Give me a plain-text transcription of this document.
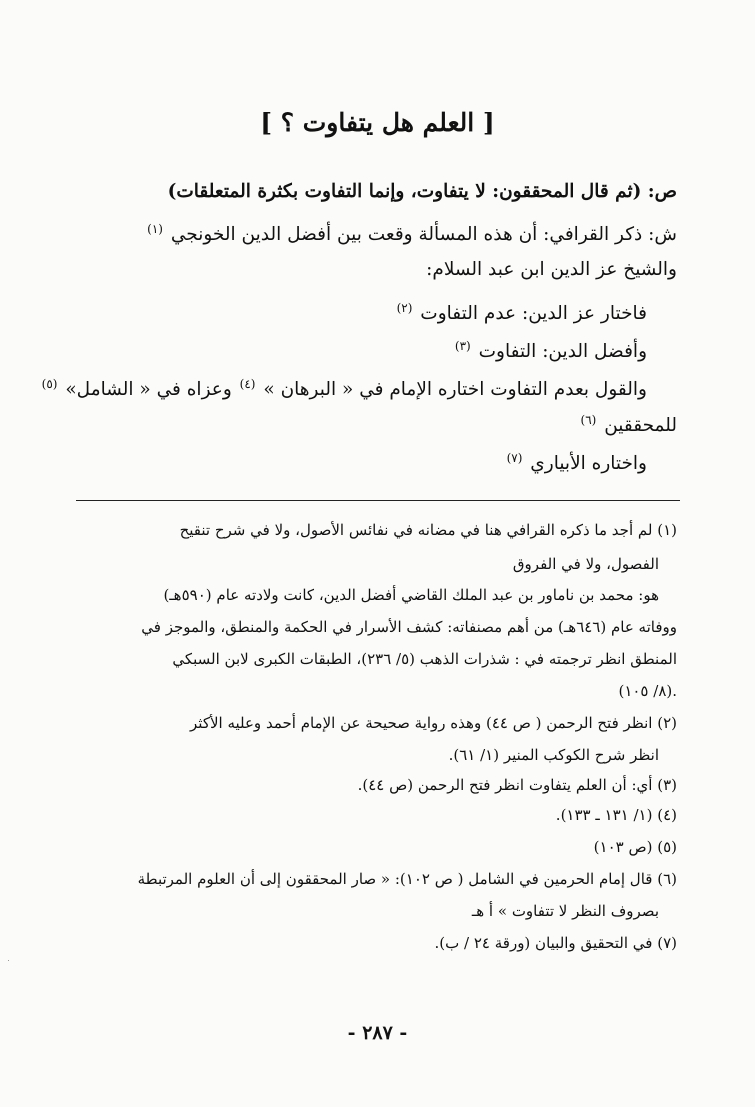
[ العلم هل يتفاوت ؟ ]
ص: (ثم قال المحققون: لا يتفاوت، وإنما التفاوت بكثرة المتعلقات)
ش: ذكر القرافي: أن هذه المسألة وقعت بين أفضل الدين الخونجي $^{(١)}$
والشيخ عز الدين ابن عبد السلام:
فاختار عز الدين: عدم التفاوت $^{(٢)}$
وأفضل الدين: التفاوت $^{(٣)}$
والقول بعدم التفاوت اختاره الإمام في « البرهان » $^{(٤)}$ وعزاه في « الشامل» $^{(٥)}$
للمحققين $^{(٦)}$
واختاره الأبياري $^{(٧)}$
(١) لم أجد ما ذكره القرافي هنا في مضانه في نفائس الأصول، ولا في شرح تنقيح
الفصول، ولا في الفروق
هو: محمد بن ناماور بن عبد الملك القاضي أفضل الدين، كانت ولادته عام (٥٩٠هـ)
ووفاته عام (٦٤٦هـ) من أهم مصنفاته: كشف الأسرار في الحكمة والمنطق، والموجز في
المنطق انظر ترجمته في : شذرات الذهب (٥/ ٢٣٦)، الطبقات الكبرى لابن السبكي
(٨/ ١٠٥).
(٢) انظر فتح الرحمن ( ص ٤٤) وهذه رواية صحيحة عن الإمام أحمد وعليه الأكثر
انظر شرح الكوكب المنير (١/ ٦١).
(٣) أي: أن العلم يتفاوت انظر فتح الرحمن (ص ٤٤).
(٤) (١/ ١٣١ ـ ١٣٣).
(٥) (ص ١٠٣)
(٦) قال إمام الحرمين في الشامل ( ص ١٠٢): « صار المحققون إلى أن العلوم المرتبطة
بصروف النظر لا تتفاوت » أ هـ
(٧) في التحقيق والبيان (ورقة ٢٤ / ب).
- ٢٨٧ -
